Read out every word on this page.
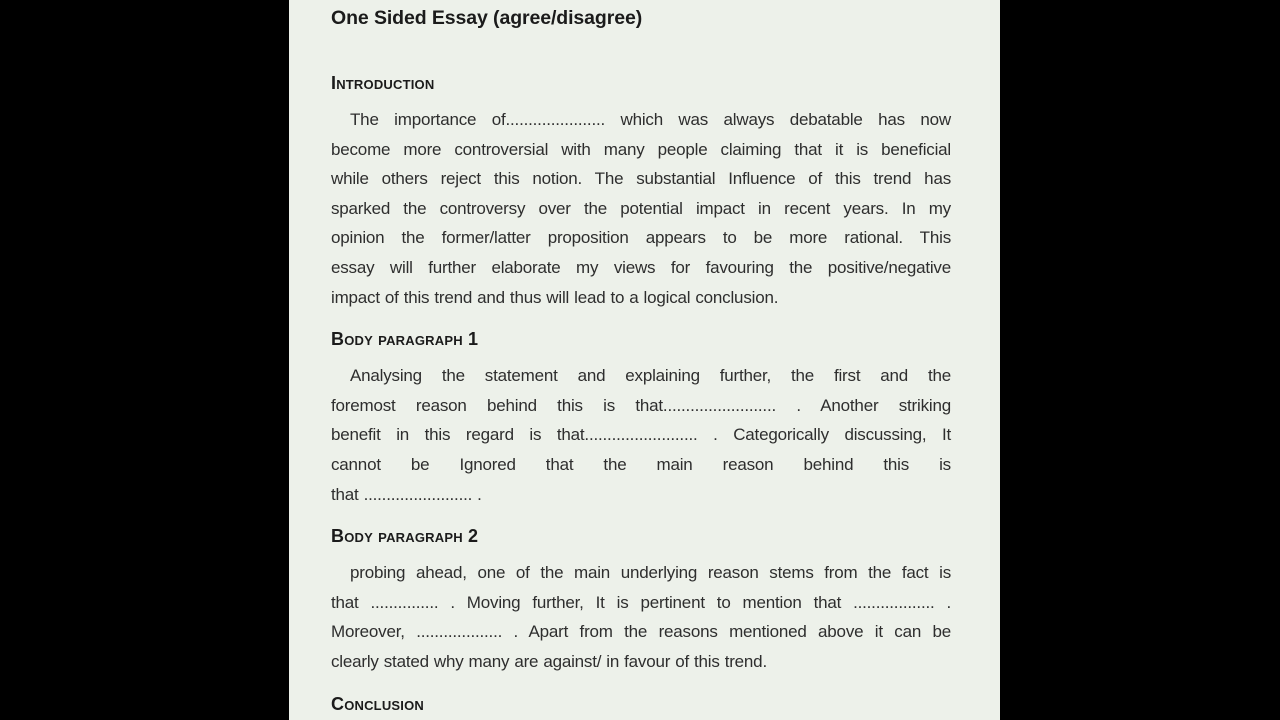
One Sided Essay (agree/disagree)
Introduction
The importance of...................... which was always debatable has now
become more controversial with many people claiming that it is beneficial
while others reject this notion. The substantial Influence of this trend has
sparked the controversy over the potential impact in recent years. In my
opinion the former/latter proposition appears to be more rational. This
essay will further elaborate my views for favouring the positive/negative
impact of this trend and thus will lead to a logical conclusion.
Body paragraph 1
Analysing the statement and explaining further, the first and the
foremost reason behind this is that......................... . Another striking
benefit in this regard is that......................... . Categorically discussing, It
cannot be Ignored that the main reason behind this is
that ........................ .
Body paragraph 2
probing ahead, one of the main underlying reason stems from the fact is
that ............... . Moving further, It is pertinent to mention that .................. .
Moreover, ................... . Apart from the reasons mentioned above it can be
clearly stated why many are against/ in favour of this trend.
Conclusion
